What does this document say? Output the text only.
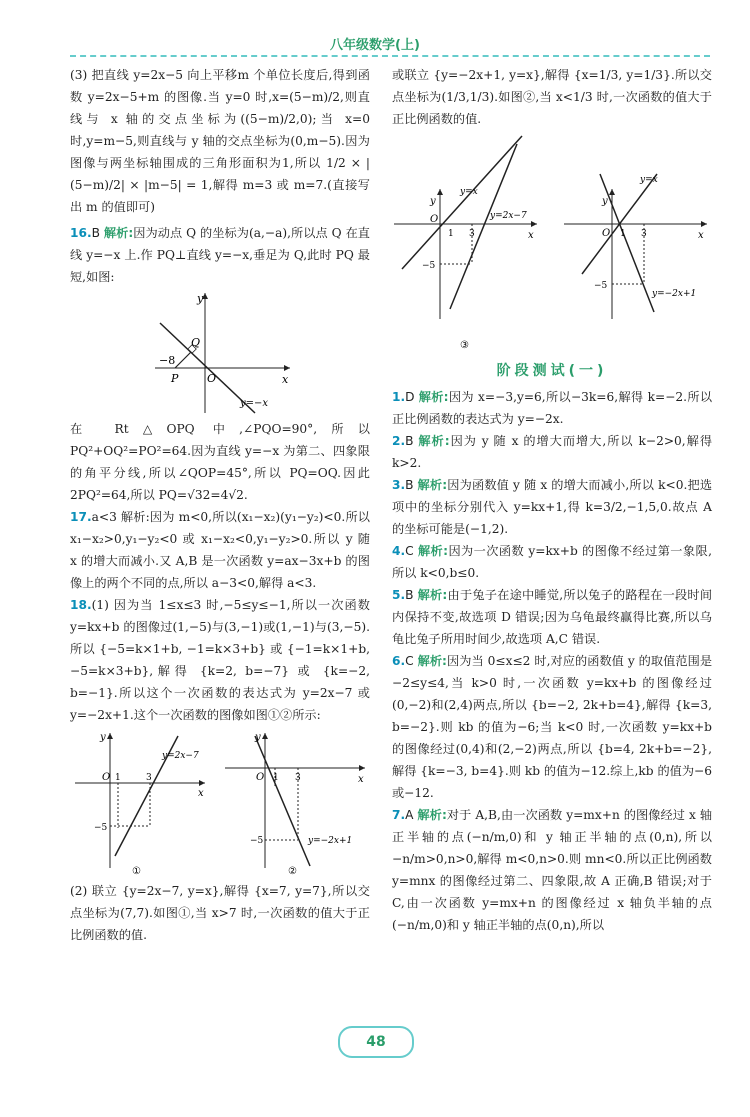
八年级数学(上)

(3) 把直线 y=2x−5 向上平移m 个单位长度后,得到函数 y=2x−5+m 的图像.当 y=0 时,x=(5−m)/2,则直线与 x 轴的交点坐标为((5−m)/2,0);当 x=0 时,y=m−5,则直线与 y 轴的交点坐标为(0,m−5).因为图像与两坐标轴围成的三角形面积为1,所以 1/2 × |(5−m)/2| × |m−5| = 1,解得 m=3 或 m=7.(直接写出 m 的值即可)

16.B 解析:因为动点 Q 的坐标为(a,−a),所以点 Q 在直线 y=−x 上.作 PQ⊥直线 y=−x,垂足为 Q,此时 PQ 最短,如图:

y
x
Q
P	O
−8
y=−x

在 Rt△OPQ 中,∠PQO=90°,所以 PQ²+OQ²=PO²=64.因为直线 y=−x 为第二、四象限的角平分线,所以∠QOP=45°,所以 PQ=OQ.因此 2PQ²=64,所以 PQ=√32=4√2.

17.a<3 解析:因为 m<0,所以(x₁−x₂)(y₁−y₂)<0.所以 x₁−x₂>0,y₁−y₂<0 或 x₁−x₂<0,y₁−y₂>0.所以 y 随 x 的增大而减小.又 A,B 是一次函数 y=ax−3x+b 的图像上的两个不同的点,所以 a−3<0,解得 a<3.

18.(1) 因为当 1≤x≤3 时,−5≤y≤−1,所以一次函数 y=kx+b 的图像过(1,−5)与(3,−1)或(1,−1)与(3,−5).所以 {−5=k×1+b, −1=k×3+b} 或 {−1=k×1+b, −5=k×3+b},解得 {k=2, b=−7} 或 {k=−2, b=−1}.所以这个一次函数的表达式为 y=2x−7 或 y=−2x+1.这个一次函数的图像如图①②所示:

y
x
O 1	3
−5
y=2x−7
①
y
x
O 1 3
−5	y=−2x+1
②

(2) 联立 {y=2x−7, y=x},解得 {x=7, y=7},所以交点坐标为(7,7).如图①,当 x>7 时,一次函数的值大于正比例函数的值.

或联立 {y=−2x+1, y=x},解得 {x=1/3, y=1/3}.所以交点坐标为(1/3,1/3).如图②,当 x<1/3 时,一次函数的值大于正比例函数的值.

y
x
O
1 3
−5
y=2x−7
y=x
③
y
x
O 1 3
−5
y=−2x+1
y=x
阶段测试(一)

1.D 解析:因为 x=−3,y=6,所以−3k=6,解得 k=−2.所以正比例函数的表达式为 y=−2x.

2.B 解析:因为 y 随 x 的增大而增大,所以 k−2>0,解得 k>2.

3.B 解析:因为函数值 y 随 x 的增大而减小,所以 k<0.把选项中的坐标分别代入 y=kx+1,得 k=3/2,−1,5,0.故点 A 的坐标可能是(−1,2).

4.C 解析:因为一次函数 y=kx+b 的图像不经过第一象限,所以 k<0,b≤0.

5.B 解析:由于兔子在途中睡觉,所以兔子的路程在一段时间内保持不变,故选项 D 错误;因为乌龟最终赢得比赛,所以乌龟比兔子所用时间少,故选项 A,C 错误.

6.C 解析:因为当 0≤x≤2 时,对应的函数值 y 的取值范围是−2≤y≤4,当 k>0 时,一次函数 y=kx+b 的图像经过(0,−2)和(2,4)两点,所以 {b=−2, 2k+b=4},解得 {k=3, b=−2}.则 kb 的值为−6;当 k<0 时,一次函数 y=kx+b 的图像经过(0,4)和(2,−2)两点,所以 {b=4, 2k+b=−2},解得 {k=−3, b=4}.则 kb 的值为−12.综上,kb 的值为−6 或−12.

7.A 解析:对于 A,B,由一次函数 y=mx+n 的图像经过 x 轴正半轴的点(−n/m,0)和 y 轴正半轴的点(0,n),所以−n/m>0,n>0,解得 m<0,n>0.则 mn<0.所以正比例函数 y=mnx 的图像经过第二、四象限,故 A 正确,B 错误;对于 C,由一次函数 y=mx+n 的图像经过 x 轴负半轴的点(−n/m,0)和 y 轴正半轴的点(0,n),所以

48
